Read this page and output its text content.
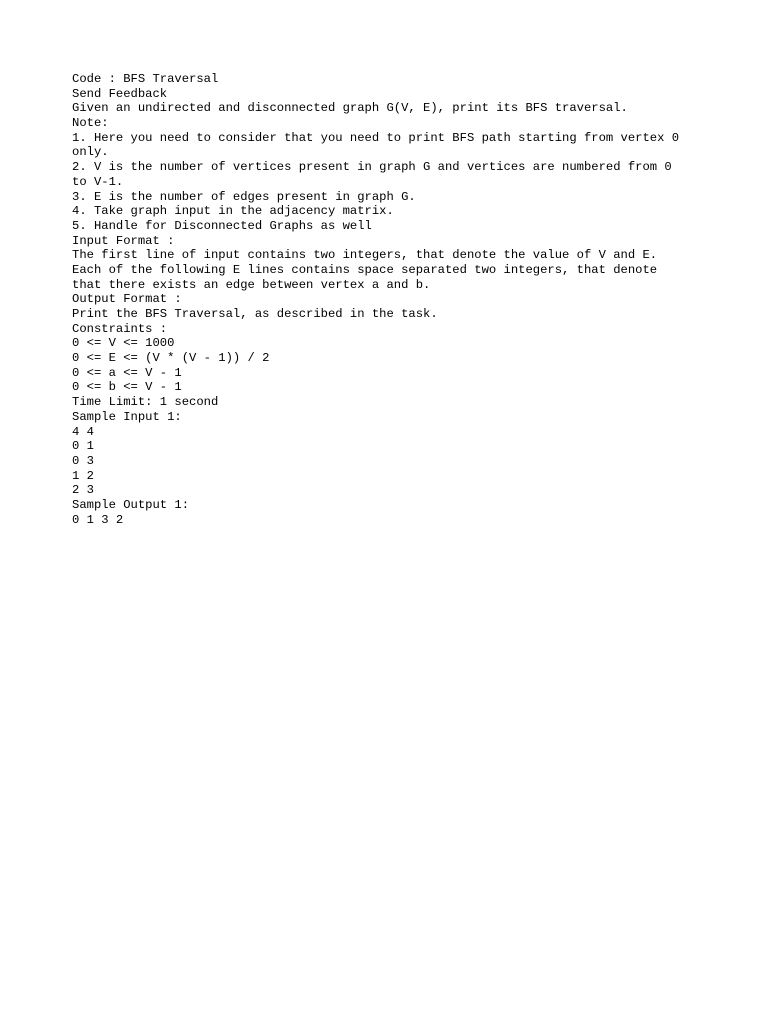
Code : BFS Traversal

Send Feedback

Given an undirected and disconnected graph G(V, E), print its BFS traversal.

Note:

1. Here you need to consider that you need to print BFS path starting from vertex 0

only.

2. V is the number of vertices present in graph G and vertices are numbered from 0

to V-1.

3. E is the number of edges present in graph G.

4. Take graph input in the adjacency matrix.

5. Handle for Disconnected Graphs as well

Input Format :

The first line of input contains two integers, that denote the value of V and E.

Each of the following E lines contains space separated two integers, that denote

that there exists an edge between vertex a and b.

Output Format :

Print the BFS Traversal, as described in the task.

Constraints :

0 <= V <= 1000

0 <= E <= (V * (V - 1)) / 2

0 <= a <= V - 1

0 <= b <= V - 1

Time Limit: 1 second

Sample Input 1:

4 4

0 1

0 3

1 2

2 3

Sample Output 1:

0 1 3 2
